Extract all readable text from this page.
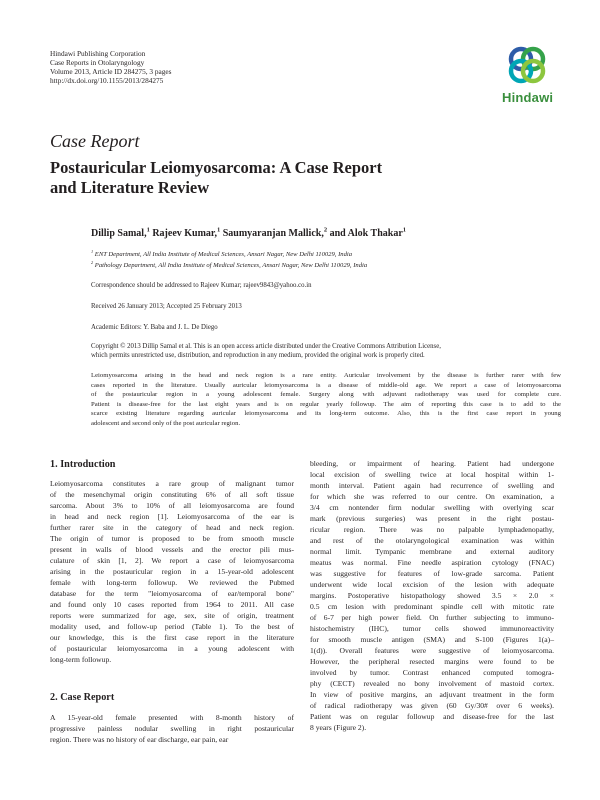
Hindawi Publishing Corporation
Case Reports in Otolaryngology
Volume 2013, Article ID 284275, 3 pages
http://dx.doi.org/10.1155/2013/284275
Hindawi
Case Report
Postauricular Leiomyosarcoma: A Case Report
and Literature Review
Dillip Samal,$^1$ Rajeev Kumar,$^1$ Saumyaranjan Mallick,$^2$ and Alok Thakar$^1$
$^1$ ENT Department, All India Institute of Medical Sciences, Ansari Nagar, New Delhi 110029, India
$^2$ Pathology Department, All India Institute of Medical Sciences, Ansari Nagar, New Delhi 110029, India
Correspondence should be addressed to Rajeev Kumar; rajeev9843@yahoo.co.in
Received 26 January 2013; Accepted 25 February 2013
Academic Editors: Y. Baba and J. L. De Diego
Copyright © 2013 Dillip Samal et al. This is an open access article distributed under the Creative Commons Attribution License,
which permits unrestricted use, distribution, and reproduction in any medium, provided the original work is properly cited.
Leiomyosarcoma arising in the head and neck region is a rare entity. Auricular involvement by the disease is further rarer with few
cases reported in the literature. Usually auricular leiomyosarcoma is a disease of middle-old age. We report a case of leiomyosarcoma
of the postauricular region in a young adolescent female. Surgery along with adjuvant radiotherapy was used for complete cure.
Patient is disease-free for the last eight years and is on regular yearly followup. The aim of reporting this case is to add to the
scarce existing literature regarding auricular leiomyosarcoma and its long-term outcome. Also, this is the first case report in young
adolescent and second only of the post auricular region.
1. Introduction
Leiomyosarcoma constitutes a rare group of malignant tumor
of the mesenchymal origin constituting 6% of all soft tissue
sarcoma. About 3% to 10% of all leiomyosarcoma are found
in head and neck region [1]. Leiomyosarcoma of the ear is
further rarer site in the category of head and neck region.
The origin of tumor is proposed to be from smooth muscle
present in walls of blood vessels and the erector pili mus-
culature of skin [1, 2]. We report a case of leiomyosarcoma
arising in the postauricular region in a 15-year-old adolescent
female with long-term followup. We reviewed the Pubmed
database for the term "leiomyosarcoma of ear/temporal bone"
and found only 10 cases reported from 1964 to 2011. All case
reports were summarized for age, sex, site of origin, treatment
modality used, and follow-up period (Table 1). To the best of
our knowledge, this is the first case report in the literature
of postauricular leiomyosarcoma in a young adolescent with
long-term followup.
2. Case Report
A 15-year-old female presented with 8-month history of
progressive painless nodular swelling in right postauricular
region. There was no history of ear discharge, ear pain, ear
bleeding, or impairment of hearing. Patient had undergone
local excision of swelling twice at local hospital within 1-
month interval. Patient again had recurrence of swelling and
for which she was referred to our centre. On examination, a
3/4 cm nontender firm nodular swelling with overlying scar
mark (previous surgeries) was present in the right postau-
ricular region. There was no palpable lymphadenopathy,
and rest of the otolaryngological examination was within
normal limit. Tympanic membrane and external auditory
meatus was normal. Fine needle aspiration cytology (FNAC)
was suggestive for features of low-grade sarcoma. Patient
underwent wide local excision of the lesion with adequate
margins. Postoperative histopathology showed 3.5 × 2.0 ×
0.5 cm lesion with predominant spindle cell with mitotic rate
of 6-7 per high power field. On further subjecting to immuno-
histochemistry (IHC), tumor cells showed immunoreactivity
for smooth muscle antigen (SMA) and S-100 (Figures 1(a)–
1(d)). Overall features were suggestive of leiomyosarcoma.
However, the peripheral resected margins were found to be
involved by tumor. Contrast enhanced computed tomogra-
phy (CECT) revealed no bony involvement of mastoid cortex.
In view of positive margins, an adjuvant treatment in the form
of radical radiotherapy was given (60 Gy/30# over 6 weeks).
Patient was on regular followup and disease-free for the last
8 years (Figure 2).
